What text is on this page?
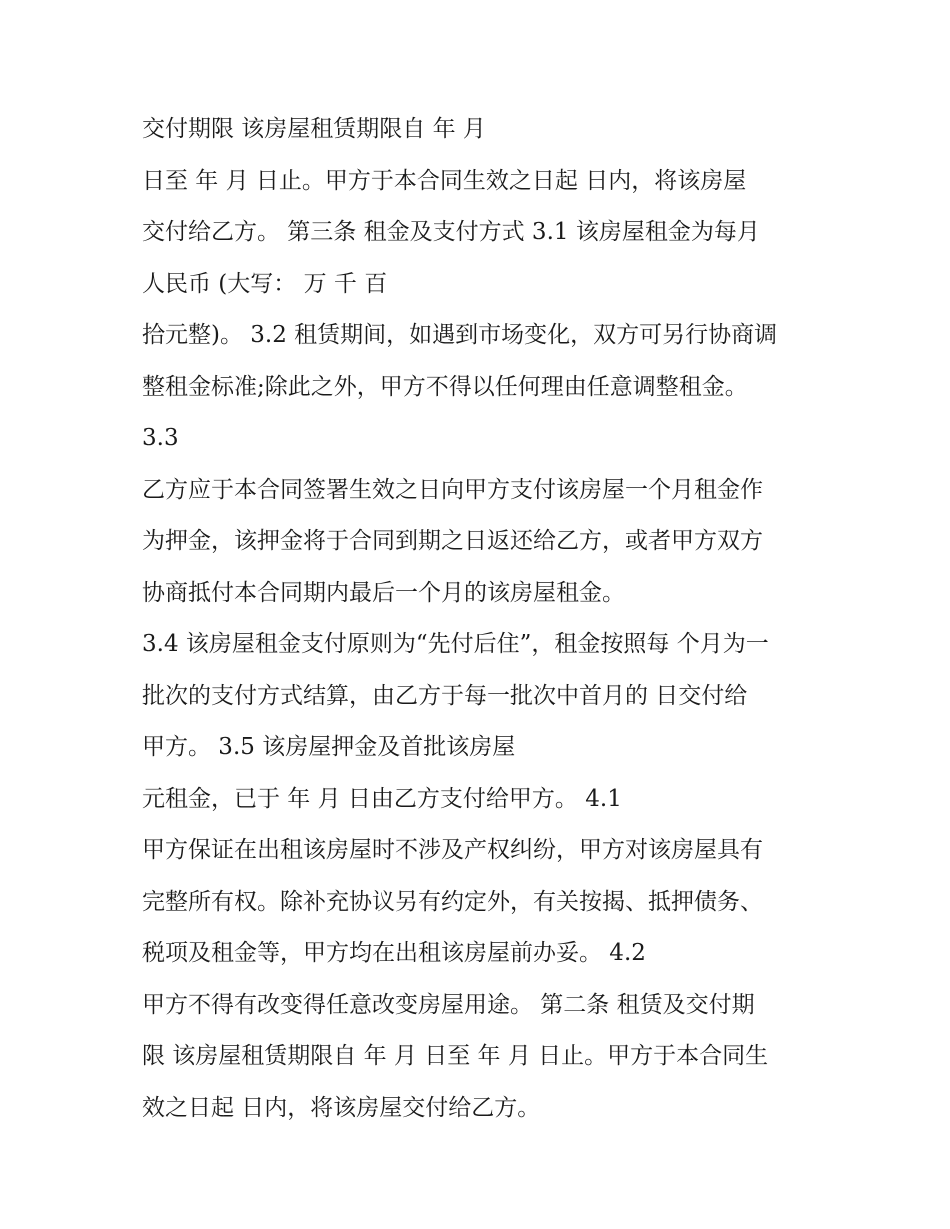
交付期限 该房屋租赁期限自 年 月
日至 年 月 日止。甲方于本合同生效之日起 日内，将该房屋
交付给乙方。 第三条 租金及支付方式 3.1 该房屋租金为每月
人民币 (大写： 万 千 百
拾元整)。 3.2 租赁期间，如遇到市场变化，双方可另行协商调
整租金标准;除此之外，甲方不得以任何理由任意调整租金。
3.3
乙方应于本合同签署生效之日向甲方支付该房屋一个月租金作
为押金，该押金将于合同到期之日返还给乙方，或者甲方双方
协商抵付本合同期内最后一个月的该房屋租金。
3.4 该房屋租金支付原则为“先付后住”，租金按照每 个月为一
批次的支付方式结算，由乙方于每一批次中首月的 日交付给
甲方。 3.5 该房屋押金及首批该房屋
元租金，已于 年 月 日由乙方支付给甲方。 4.1
甲方保证在出租该房屋时不涉及产权纠纷，甲方对该房屋具有
完整所有权。除补充协议另有约定外，有关按揭、抵押债务、
税项及租金等，甲方均在出租该房屋前办妥。 4.2
甲方不得有改变得任意改变房屋用途。 第二条 租赁及交付期
限 该房屋租赁期限自 年 月 日至 年 月 日止。甲方于本合同生
效之日起 日内，将该房屋交付给乙方。
